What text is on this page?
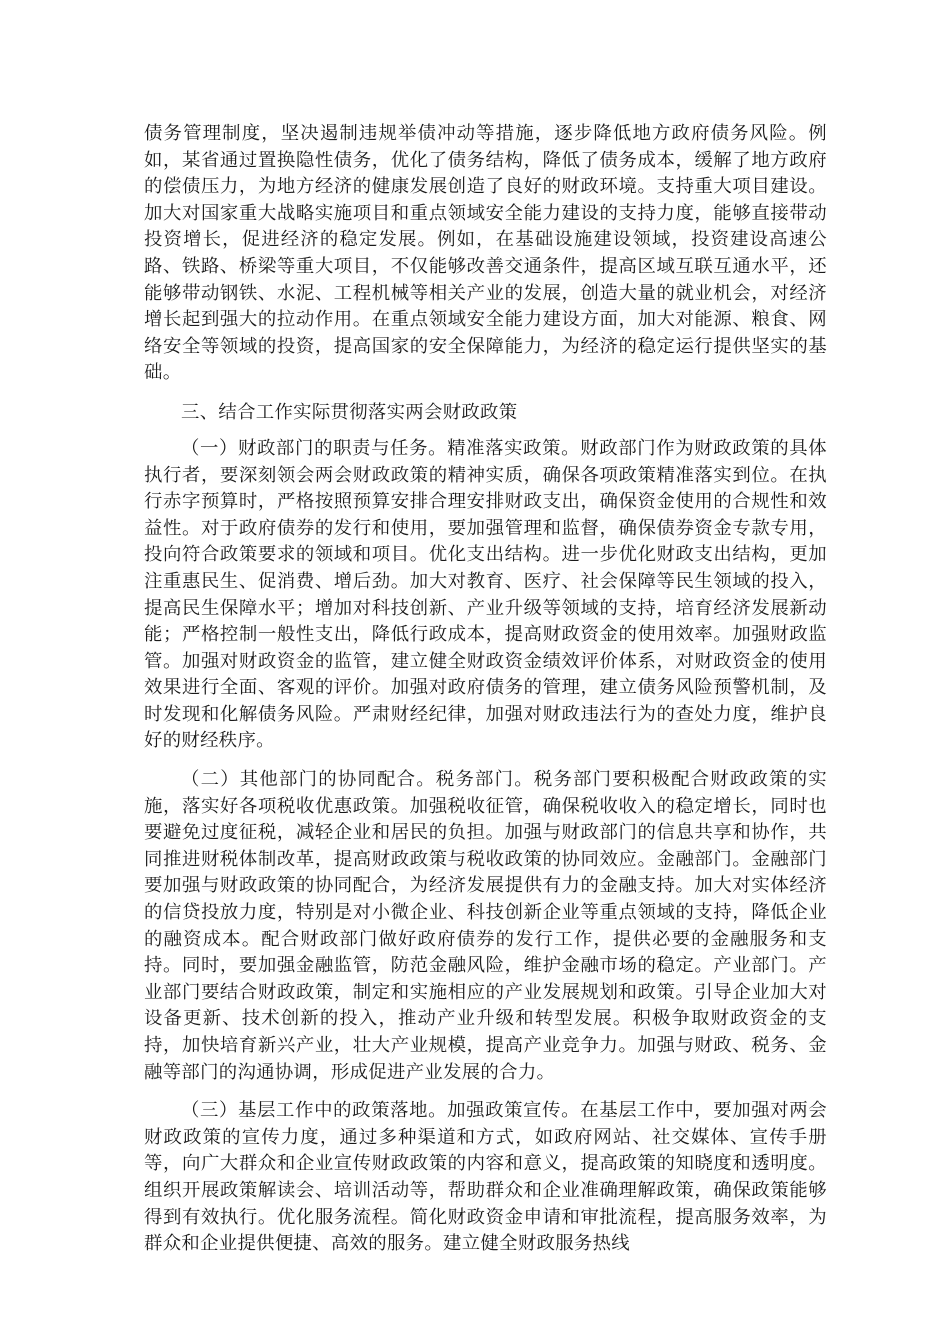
债务管理制度，坚决遏制违规举债冲动等措施，逐步降低地方政府债务风险。例如，某省通过置换隐性债务，优化了债务结构，降低了债务成本，缓解了地方政府的偿债压力，为地方经济的健康发展创造了良好的财政环境。支持重大项目建设。加大对国家重大战略实施项目和重点领域安全能力建设的支持力度，能够直接带动投资增长，促进经济的稳定发展。例如，在基础设施建设领域，投资建设高速公路、铁路、桥梁等重大项目，不仅能够改善交通条件，提高区域互联互通水平，还能够带动钢铁、水泥、工程机械等相关产业的发展，创造大量的就业机会，对经济增长起到强大的拉动作用。在重点领域安全能力建设方面，加大对能源、粮食、网络安全等领域的投资，提高国家的安全保障能力，为经济的稳定运行提供坚实的基础。

三、结合工作实际贯彻落实两会财政政策

（一）财政部门的职责与任务。精准落实政策。财政部门作为财政政策的具体执行者，要深刻领会两会财政政策的精神实质，确保各项政策精准落实到位。在执行赤字预算时，严格按照预算安排合理安排财政支出，确保资金使用的合规性和效益性。对于政府债券的发行和使用，要加强管理和监督，确保债券资金专款专用，投向符合政策要求的领域和项目。优化支出结构。进一步优化财政支出结构，更加注重惠民生、促消费、增后劲。加大对教育、医疗、社会保障等民生领域的投入，提高民生保障水平；增加对科技创新、产业升级等领域的支持，培育经济发展新动能；严格控制一般性支出，降低行政成本，提高财政资金的使用效率。加强财政监管。加强对财政资金的监管，建立健全财政资金绩效评价体系，对财政资金的使用效果进行全面、客观的评价。加强对政府债务的管理，建立债务风险预警机制，及时发现和化解债务风险。严肃财经纪律，加强对财政违法行为的查处力度，维护良好的财经秩序。

（二）其他部门的协同配合。税务部门。税务部门要积极配合财政政策的实施，落实好各项税收优惠政策。加强税收征管，确保税收收入的稳定增长，同时也要避免过度征税，减轻企业和居民的负担。加强与财政部门的信息共享和协作，共同推进财税体制改革，提高财政政策与税收政策的协同效应。金融部门。金融部门要加强与财政政策的协同配合，为经济发展提供有力的金融支持。加大对实体经济的信贷投放力度，特别是对小微企业、科技创新企业等重点领域的支持，降低企业的融资成本。配合财政部门做好政府债券的发行工作，提供必要的金融服务和支持。同时，要加强金融监管，防范金融风险，维护金融市场的稳定。产业部门。产业部门要结合财政政策，制定和实施相应的产业发展规划和政策。引导企业加大对设备更新、技术创新的投入，推动产业升级和转型发展。积极争取财政资金的支持，加快培育新兴产业，壮大产业规模，提高产业竞争力。加强与财政、税务、金融等部门的沟通协调，形成促进产业发展的合力。

（三）基层工作中的政策落地。加强政策宣传。在基层工作中，要加强对两会财政政策的宣传力度，通过多种渠道和方式，如政府网站、社交媒体、宣传手册等，向广大群众和企业宣传财政政策的内容和意义，提高政策的知晓度和透明度。组织开展政策解读会、培训活动等，帮助群众和企业准确理解政策，确保政策能够得到有效执行。优化服务流程。简化财政资金申请和审批流程，提高服务效率，为群众和企业提供便捷、高效的服务。建立健全财政服务热线
